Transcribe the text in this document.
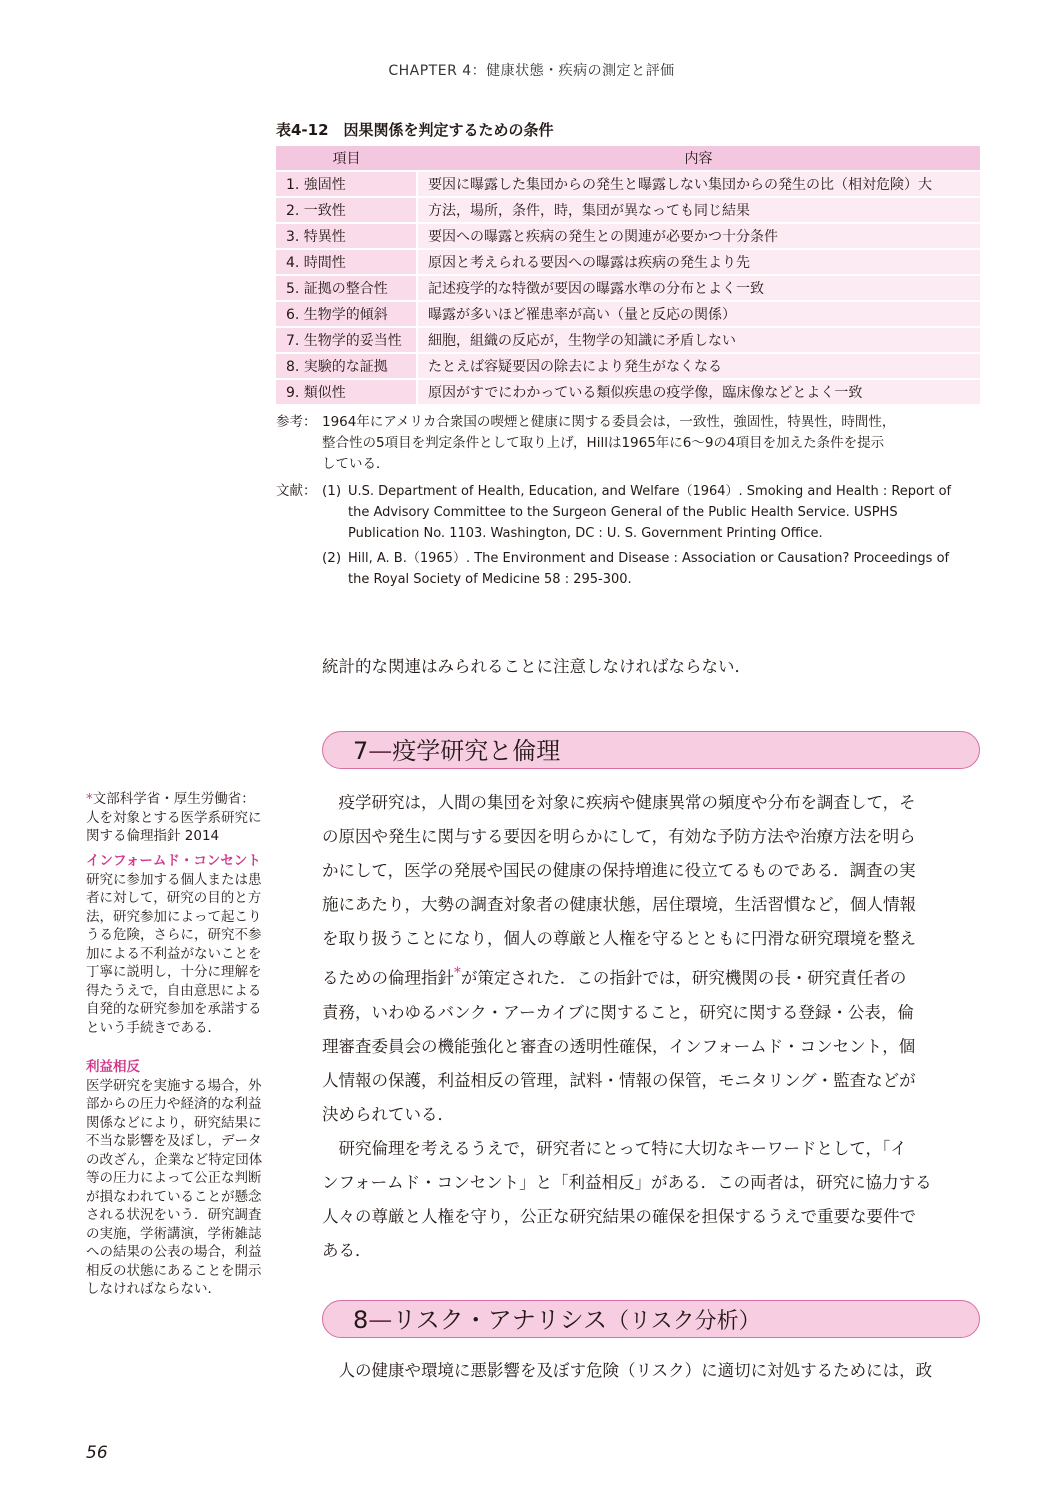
CHAPTER 4：健康状態・疾病の測定と評価
表4-12　因果関係を判定するための条件
項目	内容
1. 強固性	要因に曝露した集団からの発生と曝露しない集団からの発生の比（相対危険）大
2. 一致性	方法，場所，条件，時，集団が異なっても同じ結果
3. 特異性	要因への曝露と疾病の発生との関連が必要かつ十分条件
4. 時間性	原因と考えられる要因への曝露は疾病の発生より先
5. 証拠の整合性	記述疫学的な特徴が要因の曝露水準の分布とよく一致
6. 生物学的傾斜	曝露が多いほど罹患率が高い（量と反応の関係）
7. 生物学的妥当性	細胞，組織の反応が，生物学の知識に矛盾しない
8. 実験的な証拠	たとえば容疑要因の除去により発生がなくなる
9. 類似性	原因がすでにわかっている類似疾患の疫学像，臨床像などとよく一致
参考： 1964年にアメリカ合衆国の喫煙と健康に関する委員会は，一致性，強固性，特異性，時間性，
整合性の5項目を判定条件として取り上げ，Hillは1965年に6～9の4項目を加えた条件を提示
している．
文献： (1) U.S. Department of Health, Education, and Welfare（1964）. Smoking and Health : Report of
the Advisory Committee to the Surgeon General of the Public Health Service. USPHS
Publication No. 1103. Washington, DC : U. S. Government Printing Office.
(2) Hill, A. B.（1965）. The Environment and Disease : Association or Causation? Proceedings of
the Royal Society of Medicine 58 : 295-300.
統計的な関連はみられることに注意しなければならない．
7—疫学研究と倫理
　疫学研究は，人間の集団を対象に疾病や健康異常の頻度や分布を調査して，そ
の原因や発生に関与する要因を明らかにして，有効な予防方法や治療方法を明ら
かにして，医学の発展や国民の健康の保持増進に役立てるものである．調査の実
施にあたり，大勢の調査対象者の健康状態，居住環境，生活習慣など，個人情報
を取り扱うことになり，個人の尊厳と人権を守るとともに円滑な研究環境を整え
るための倫理指針*が策定された．この指針では，研究機関の長・研究責任者の
責務，いわゆるバンク・アーカイブに関すること，研究に関する登録・公表，倫
理審査委員会の機能強化と審査の透明性確保，インフォームド・コンセント，個
人情報の保護，利益相反の管理，試料・情報の保管，モニタリング・監査などが
決められている．
　研究倫理を考えるうえで，研究者にとって特に大切なキーワードとして，「イ
ンフォームド・コンセント」と「利益相反」がある．この両者は，研究に協力する
人々の尊厳と人権を守り，公正な研究結果の確保を担保するうえで重要な要件で
ある．
8—リスク・アナリシス（リスク分析）
　人の健康や環境に悪影響を及ぼす危険（リスク）に適切に対処するためには，政
*文部科学省・厚生労働省：
人を対象とする医学系研究に
関する倫理指針 2014
インフォームド・コンセント
研究に参加する個人または患
者に対して，研究の目的と方
法，研究参加によって起こり
うる危険，さらに，研究不参
加による不利益がないことを
丁寧に説明し，十分に理解を
得たうえで，自由意思による
自発的な研究参加を承諾する
という手続きである．
利益相反
医学研究を実施する場合，外
部からの圧力や経済的な利益
関係などにより，研究結果に
不当な影響を及ぼし，データ
の改ざん，企業など特定団体
等の圧力によって公正な判断
が損なわれていることが懸念
される状況をいう．研究調査
の実施，学術講演，学術雑誌
への結果の公表の場合，利益
相反の状態にあることを開示
しなければならない．
56
